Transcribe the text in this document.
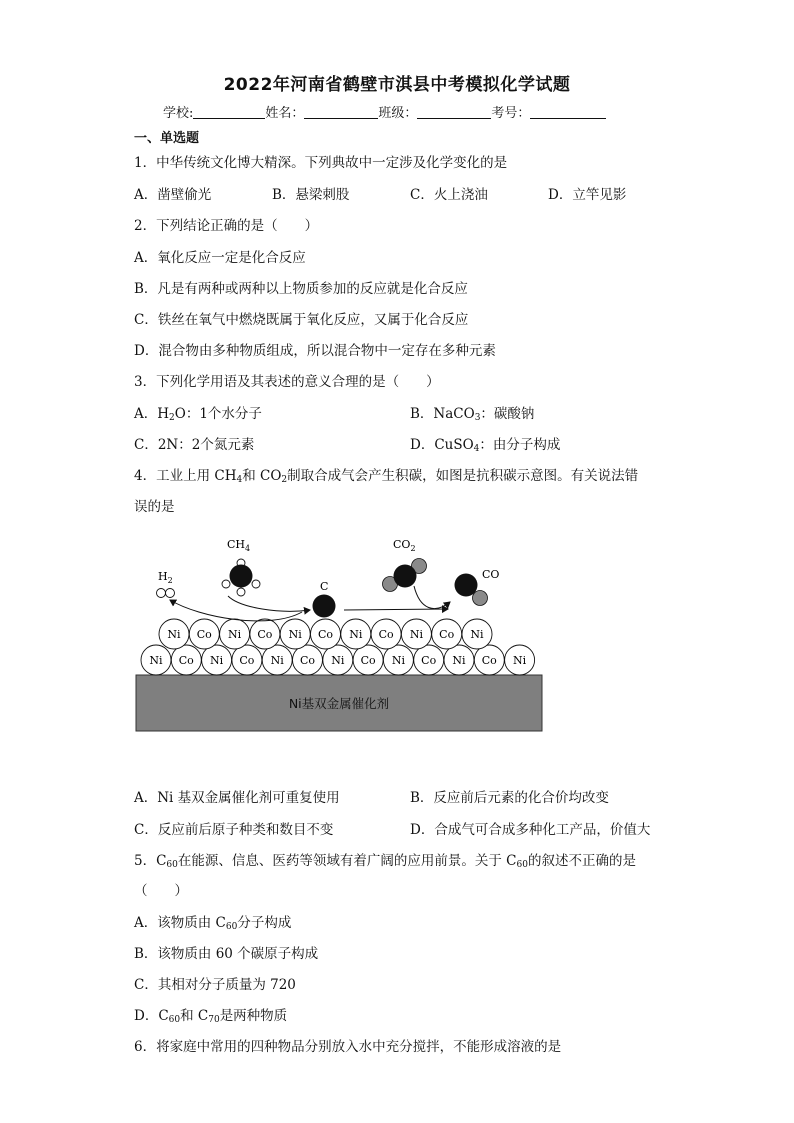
2022年河南省鹤壁市淇县中考模拟化学试题
学校:	姓名：	班级：	考号：
一、单选题
1．中华传统文化博大精深。下列典故中一定涉及化学变化的是
A．凿壁偷光	B．悬梁刺股	C．火上浇油	D．立竿见影
2．下列结论正确的是（　　）
A．氧化反应一定是化合反应
B．凡是有两种或两种以上物质参加的反应就是化合反应
C．铁丝在氧气中燃烧既属于氧化反应，又属于化合反应
D．混合物由多种物质组成，所以混合物中一定存在多种元素
3．下列化学用语及其表述的意义合理的是（　　）
A．$H_2O$：1个水分子	B．NaCO$_3$：碳酸钠
C．2N：2个氮元素	D．CuSO$_4$：由分子构成
4．工业上用 $CH_4$和 $CO_2$制取合成气会产生积碳，如图是抗积碳示意图。有关说法错
误的是
Ni基双金属催化剂
Ni Co Ni Co Ni Co Ni Co Ni Co Ni Co Ni
Ni Co Ni Co Ni Co Ni Co Ni Co Ni
$H_2$
$CH_4$
C
$CO_2$
CO
A．Ni 基双金属催化剂可重复使用	B．反应前后元素的化合价均改变
C．反应前后原子种类和数目不变	D．合成气可合成多种化工产品，价值大
5．$C_{60}$在能源、信息、医药等领域有着广阔的应用前景。关于 $C_{60}$的叙述不正确的是
（　　）
A．该物质由 $C_{60}$分子构成
B．该物质由 60 个碳原子构成
C．其相对分子质量为 720
D．$C_{60}$和 $C_{70}$是两种物质
6．将家庭中常用的四种物品分别放入水中充分搅拌，不能形成溶液的是
